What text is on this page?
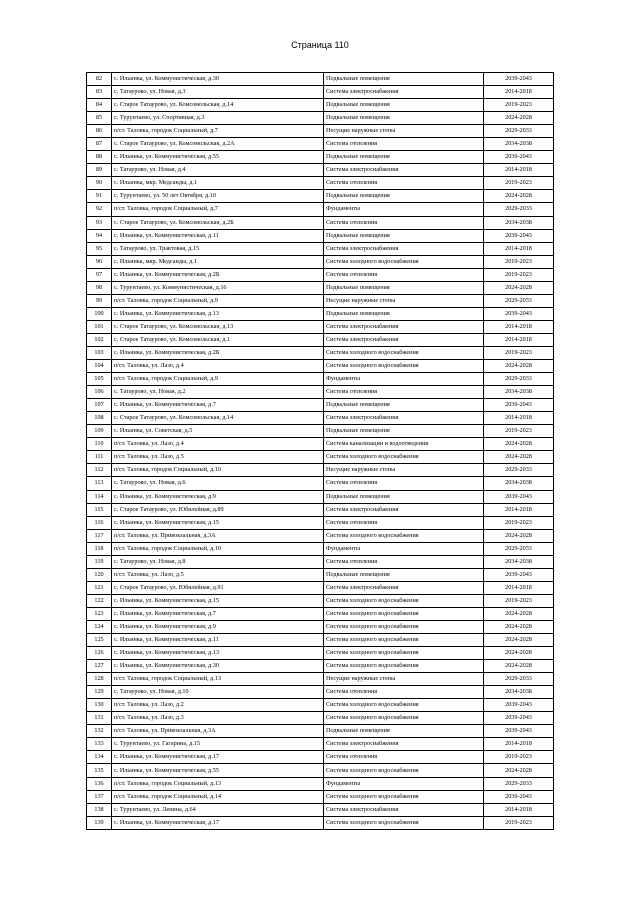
Страница 110
82	с. Ильинка, ул. Коммунистическая, д.30	Подвальные помещения	2039-2043
83	с. Татаурово, ул. Новая, д.3	Система электроснабжения	2014-2018
84	с. Старое Татаурово, ул. Комсомольская, д.14	Подвальные помещения	2019-2023
85	с. Турунтаево, ул. Спортивная, д.3	Подвальные помещения	2024-2028
86	п/ст. Таловка, городок Социальный, д.7	Несущие наружные стены	2029-2033
87	с. Старое Татаурово, ул. Комсомольская, д.2А	Система отопления	2034-2038
88	с. Ильинка, ул. Коммунистическая, д.55	Подвальные помещения	2039-2043
89	с. Татаурово, ул. Новая, д.4	Система электроснабжения	2014-2018
90	с. Ильинка, мкр. Медсанды, д.1	Система отопления	2019-2023
91	с. Турунтаево, ул. 50 лет Октября, д.10	Подвальные помещения	2024-2028
92	п/ст. Таловка, городок Социальный, д.7	Фундаменты	2029-2033
93	с. Старое Татаурово, ул. Комсомольская, д.2Б	Система отопления	2034-2038
94	с. Ильинка, ул. Коммунистическая, д.11	Подвальные помещения	2039-2043
95	с. Татаурово, ул. Трактовая, д.15	Система электроснабжения	2014-2018
96	с. Ильинка, мкр. Медсанды, д.1	Система холодного водоснабжения	2019-2023
97	с. Ильинка, ул. Коммунистическая, д.2Б	Система отопления	2019-2023
98	с. Турунтаево, ул. Коммунистическая, д.16	Подвальные помещения	2024-2028
99	п/ст. Таловка, городок Социальный, д.9	Несущие наружные стены	2029-2033
100	с. Ильинка, ул. Коммунистическая, д.13	Подвальные помещения	2039-2043
101	с. Старое Татаурово, ул. Комсомольская, д.13	Система электроснабжения	2014-2018
102	с. Старое Татаурово, ул. Комсомольская, д.1	Система электроснабжения	2014-2018
103	с. Ильинка, ул. Коммунистическая, д.2Б	Система холодного водоснабжения	2019-2023
104	п/ст. Таловка, ул. Лазо, д.4	Система холодного водоснабжения	2024-2028
105	п/ст. Таловка, городок Социальный, д.9	Фундаменты	2029-2033
106	с. Татаурово, ул. Новая, д.2	Система отопления	2034-2038
107	с. Ильинка, ул. Коммунистическая, д.7	Подвальные помещения	2039-2043
108	с. Старое Татаурово, ул. Комсомольская, д.14	Система электроснабжения	2014-2018
109	с. Ильинка, ул. Советская, д.5	Подвальные помещения	2019-2023
110	п/ст. Таловка, ул. Лазо, д.4	Система канализации и водоотведения	2024-2028
111	п/ст. Таловка, ул. Лазо, д.5	Система холодного водоснабжения	2024-2028
112	п/ст. Таловка, городок Социальный, д.10	Несущие наружные стены	2029-2033
113	с. Татаурово, ул. Новая, д.6	Система отопления	2034-2038
114	с. Ильинка, ул. Коммунистическая, д.9	Подвальные помещения	2039-2043
115	с. Старое Татаурово, ул. Юбилейная, д.89	Система электроснабжения	2014-2018
116	с. Ильинка, ул. Коммунистическая, д.15	Система отопления	2019-2023
117	п/ст. Таловка, ул. Привокзальная, д.3А	Система холодного водоснабжения	2024-2028
118	п/ст. Таловка, городок Социальный, д.10	Фундаменты	2029-2033
119	с. Татаурово, ул. Новая, д.8	Система отопления	2034-2038
120	п/ст. Таловка, ул. Лазо, д.5	Подвальные помещения	2039-2043
121	с. Старое Татаурово, ул. Юбилейная, д.91	Система электроснабжения	2014-2018
122	с. Ильинка, ул. Коммунистическая, д.15	Система холодного водоснабжения	2019-2023
123	с. Ильинка, ул. Коммунистическая, д.7	Система холодного водоснабжения	2024-2028
124	с. Ильинка, ул. Коммунистическая, д.9	Система холодного водоснабжения	2024-2028
125	с. Ильинка, ул. Коммунистическая, д.11	Система холодного водоснабжения	2024-2028
126	с. Ильинка, ул. Коммунистическая, д.13	Система холодного водоснабжения	2024-2028
127	с. Ильинка, ул. Коммунистическая, д.30	Система холодного водоснабжения	2024-2028
128	п/ст. Таловка, городок Социальный, д.13	Несущие наружные стены	2029-2033
129	с. Татаурово, ул. Новая, д.10	Система отопления	2034-2038
130	п/ст. Таловка, ул. Лазо, д.2	Система холодного водоснабжения	2039-2043
131	п/ст. Таловка, ул. Лазо, д.3	Система холодного водоснабжения	2039-2043
132	п/ст. Таловка, ул. Привокзальная, д.3А	Подвальные помещения	2039-2043
133	с. Турунтаево, ул. Гагарина, д.15	Система электроснабжения	2014-2018
134	с. Ильинка, ул. Коммунистическая, д.17	Система отопления	2019-2023
135	с. Ильинка, ул. Коммунистическая, д.55	Система холодного водоснабжения	2024-2028
136	п/ст. Таловка, городок Социальный, д.13	Фундаменты	2029-2033
137	п/ст. Таловка, городок Социальный, д.14	Система холодного водоснабжения	2039-2043
138	с. Турунтаево, ул. Ленина, д.64	Система электроснабжения	2014-2018
139	с. Ильинка, ул. Коммунистическая, д.17	Система холодного водоснабжения	2019-2023
